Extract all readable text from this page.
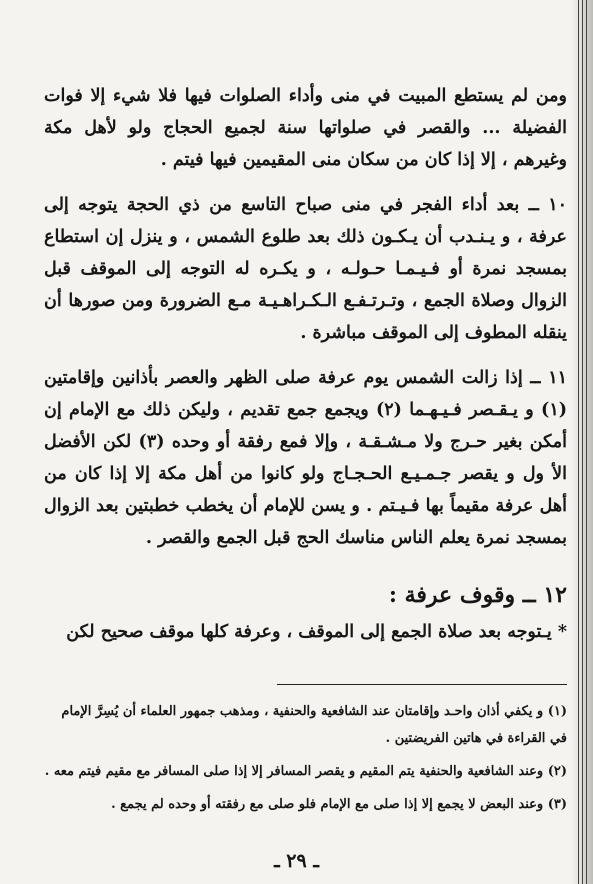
ومن لم يستطع المبيت في منى وأداء الصلوات فيها فلا شيء إلا فوات الفضيلة ... والقصر في صلواتها سنة لجميع الحجاج ولو لأهل مكة وغيرهم ، إلا إذا كان من سكان منى المقيمين فيها فيتم .

١٠ ــ بعد أداء الفجر في منى صباح التاسع من ذي الحجة يتوجه إلى عرفة ، و يـنـدب أن يـكـون ذلك بعد طلوع الشمس ، و ينزل إن استطاع بمسجد نمرة أو فـيـمـا حـولـه ، و يكـره له التوجه إلى الموقف قبل الزوال وصلاة الجمع ، وتـرتـفـع الـكـراهـيـة مـع الضرورة ومن صورها أن ينقله المطوف إلى الموقف مباشرة .

١١ ــ إذا زالت الشمس يوم عرفة صلى الظهر والعصر بأذانين وإقامتين (١) و يـقـصر فـيـهـما (٢) ويجمع جمع تقديم ، وليكن ذلك مع الإمام إن أمكن بغير حـرج ولا مـشـقـة ، وإلا فمع رفقة أو وحده (٣) لكن الأفضل الأ ول و يقصر جـمـيـع الحـجـاج ولو كانوا من أهل مكة إلا إذا كان من أهل عرفة مقيماً بها فـيـتم . و يسن للإمام أن يخطب خطبتين بعد الزوال بمسجد نمرة يعلم الناس مناسك الحج قبل الجمع والقصر .

١٢ ــ وقوف عرفة :

* يـتوجه بعد صلاة الجمع إلى الموقف ، وعرفة كلها موقف صحيح لكن

(١) و يكفي أذان واحـد وإقامتان عند الشافعية والحنفية ، ومذهب جمهور العلماء أن يُسِرَّ الإمام في القراءة في هاتين الفريضتين .

(٢) وعند الشافعية والحنفية يتم المقيم و يقصر المسافر إلا إذا صلى المسافر مع مقيم فيتم معه .

(٣) وعند البعض لا يجمع إلا إذا صلى مع الإمام فلو صلى مع رفقته أو وحده لم يجمع .

ـ ٢٩ ـ
